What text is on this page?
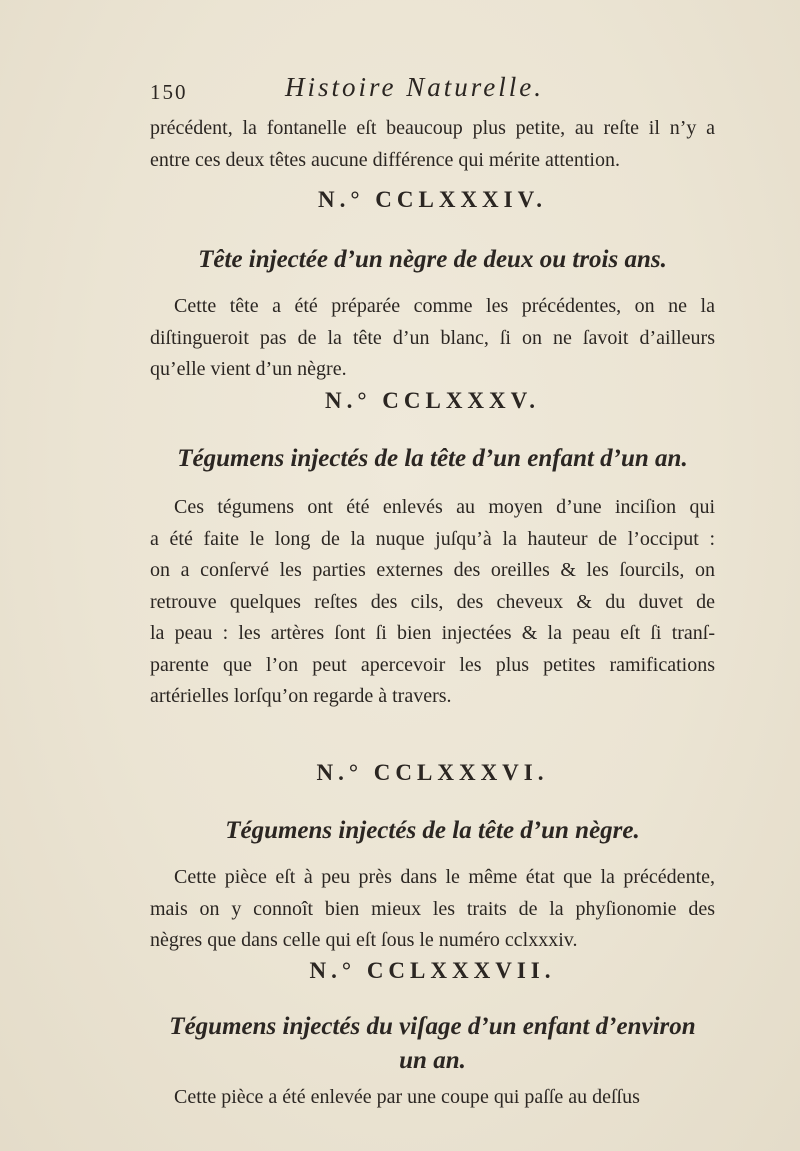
150	Histoire Naturelle.

précédent, la fontanelle eſt beaucoup plus petite, au reſte il n’y a
entre ces deux têtes aucune différence qui mérite attention.

N.° CCLXXXIV.
Tête injectée d’un nègre de deux ou trois ans.

Cette tête a été préparée comme les précédentes, on ne la
diſtingueroit pas de la tête d’un blanc, ſi on ne ſavoit d’ailleurs
qu’elle vient d’un nègre.

N.° CCLXXXV.
Tégumens injectés de la tête d’un enfant d’un an.

Ces tégumens ont été enlevés au moyen d’une inciſion qui
a été faite le long de la nuque juſqu’à la hauteur de l’occiput :
on a conſervé les parties externes des oreilles & les ſourcils, on
retrouve quelques reſtes des cils, des cheveux & du duvet de
la peau : les artères ſont ſi bien injectées & la peau eſt ſi tranſ-
parente que l’on peut apercevoir les plus petites ramifications
artérielles lorſqu’on regarde à travers.

N.° CCLXXXVI.
Tégumens injectés de la tête d’un nègre.

Cette pièce eſt à peu près dans le même état que la précédente,
mais on y connoît bien mieux les traits de la phyſionomie des
nègres que dans celle qui eſt ſous le numéro cclxxxiv.

N.° CCLXXXVII.
Tégumens injectés du viſage d’un enfant d’environ
un an.

Cette pièce a été enlevée par une coupe qui paſſe au deſſus
